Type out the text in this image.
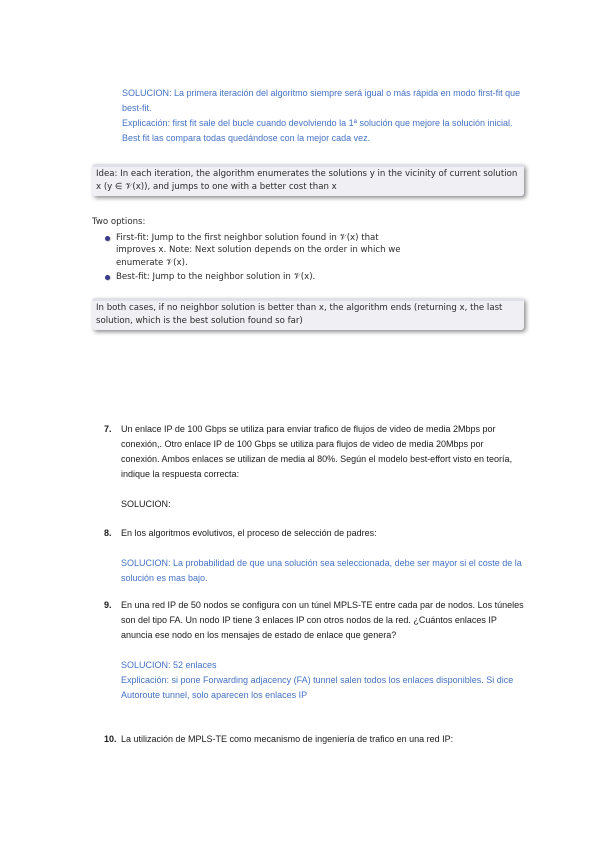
SOLUCION: La primera iteración del algoritmo siempre será igual o más rápida en modo first-fit que best-fit.

Explicación: first fit sale del bucle cuando devolviendo la 1ª solución que mejore la solución inicial. Best fit las compara todas quedándose con la mejor cada vez.

Idea: In each iteration, the algorithm enumerates the solutions y in the vicinity of current solution x (y ∈ 𝒱(x)), and jumps to one with a better cost than x
Two options:
First-fit: Jump to the first neighbor solution found in 𝒱(x) that improves x. Note: Next solution depends on the order in which we enumerate 𝒱(x).
Best-fit: Jump to the neighbor solution in 𝒱(x).
In both cases, if no neighbor solution is better than x, the algorithm ends (returning x, the last solution, which is the best solution found so far)
7. Un enlace IP de 100 Gbps se utiliza para enviar trafico de flujos de video de media 2Mbps por conexión,. Otro enlace IP de 100 Gbps se utiliza para flujos de video de media 20Mbps por conexión. Ambos enlaces se utilizan de media al 80%. Según el modelo best-effort visto en teoría, indique la respuesta correcta:

SOLUCION:

8. En los algoritmos evolutivos, el proceso de selección de padres:

SOLUCION: La probabilidad de que una solución sea seleccionada, debe ser mayor si el coste de la solución es mas bajo.

9. En una red IP de 50 nodos se configura con un túnel MPLS-TE entre cada par de nodos. Los túneles son del tipo FA. Un nodo IP tiene 3 enlaces IP con otros nodos de la red. ¿Cuántos enlaces IP anuncia ese nodo en los mensajes de estado de enlace que genera?

SOLUCION: 52 enlaces

Explicación: si pone Forwarding adjacency (FA) tunnel salen todos los enlaces disponibles. Si dice Autoroute tunnel, solo aparecen los enlaces IP

10. La utilización de MPLS-TE como mecanismo de ingeniería de trafico en una red IP:
